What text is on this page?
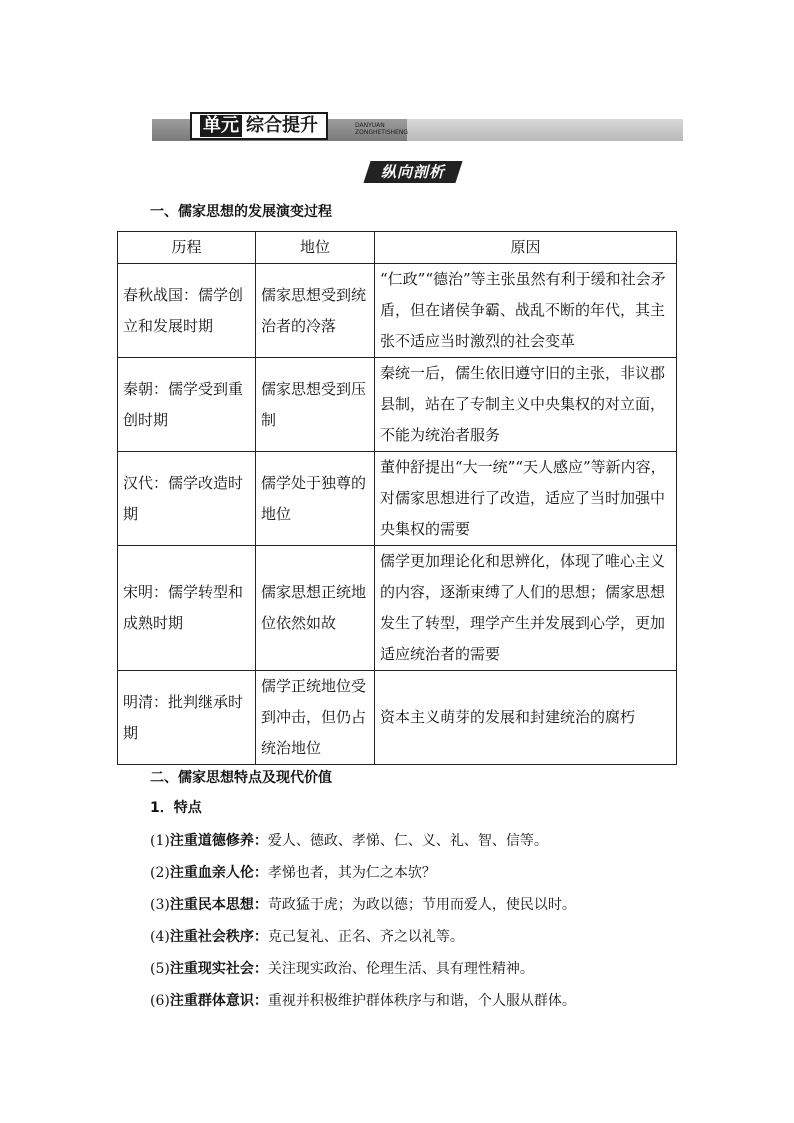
单元 综合提升	DANYUAN
ZONGHETISHENG
纵向剖析
一、儒家思想的发展演变过程
历程	地位	原因
春秋战国：儒学创立和发展时期	儒家思想受到统治者的冷落	“仁政”“德治”等主张虽然有利于缓和社会矛盾，但在诸侯争霸、战乱不断的年代，其主张不适应当时激烈的社会变革
秦朝：儒学受到重创时期	儒家思想受到压制	秦统一后，儒生依旧遵守旧的主张，非议郡县制，站在了专制主义中央集权的对立面，不能为统治者服务
汉代：儒学改造时期	儒学处于独尊的地位	董仲舒提出“大一统”“天人感应”等新内容，对儒家思想进行了改造，适应了当时加强中央集权的需要
宋明：儒学转型和成熟时期	儒家思想正统地位依然如故	儒学更加理论化和思辨化，体现了唯心主义的内容，逐渐束缚了人们的思想；儒家思想发生了转型，理学产生并发展到心学，更加适应统治者的需要
明清：批判继承时期	儒学正统地位受到冲击，但仍占统治地位	资本主义萌芽的发展和封建统治的腐朽
二、儒家思想特点及现代价值
1．特点
(1)注重道德修养：爱人、德政、孝悌、仁、义、礼、智、信等。
(2)注重血亲人伦：孝悌也者，其为仁之本欤？
(3)注重民本思想：苛政猛于虎；为政以德；节用而爱人，使民以时。
(4)注重社会秩序：克己复礼、正名、齐之以礼等。
(5)注重现实社会：关注现实政治、伦理生活、具有理性精神。
(6)注重群体意识：重视并积极维护群体秩序与和谐，个人服从群体。
